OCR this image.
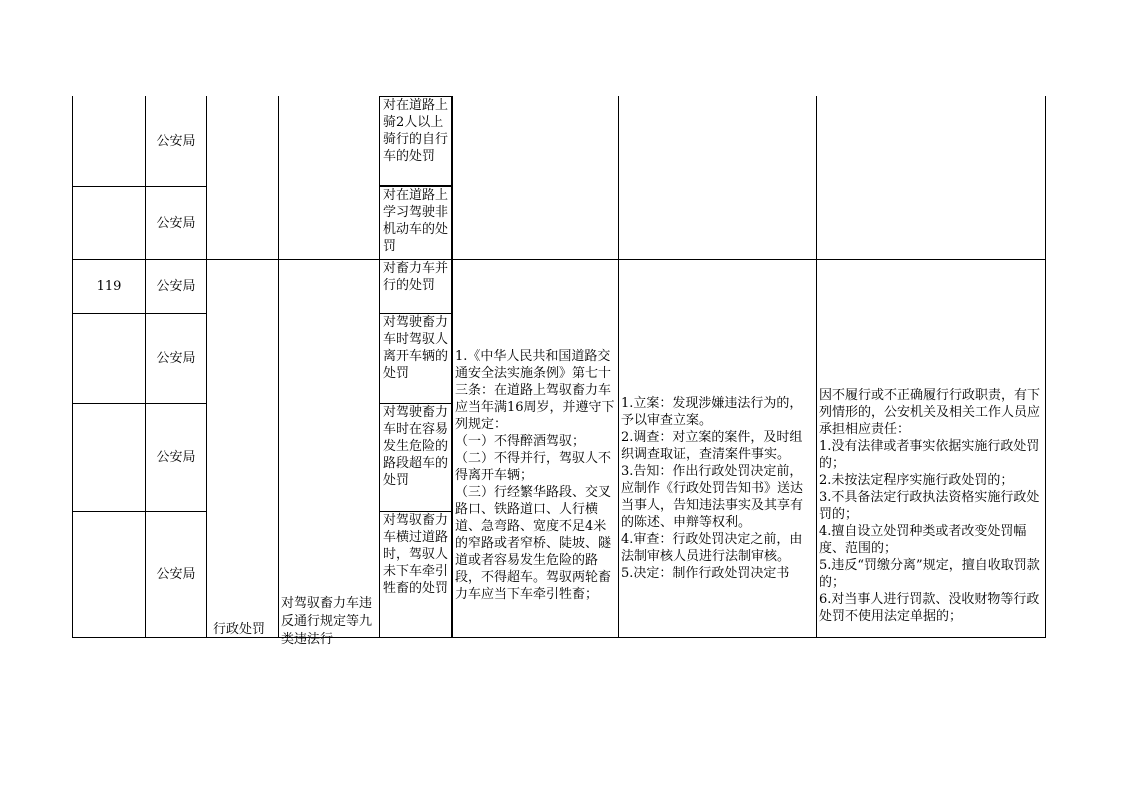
119
公安局
公安局
公安局
公安局
公安局
公安局
行政处罚
对驾驭畜力车违反通行规定等九类违法行
对在道路上骑2人以上骑行的自行车的处罚
对在道路上学习驾驶非机动车的处罚
对畜力车并行的处罚
对驾驶畜力车时驾驭人离开车辆的处罚
对驾驶畜力车时在容易发生危险的路段超车的处罚
对驾驭畜力车横过道路时，驾驭人未下车牵引牲畜的处罚
1.《中华人民共和国道路交通安全法实施条例》第七十三条：在道路上驾驭畜力车应当年满16周岁，并遵守下列规定：
（一）不得醉酒驾驭；
（二）不得并行，驾驭人不得离开车辆；
（三）行经繁华路段、交叉路口、铁路道口、人行横道、急弯路、宽度不足4米的窄路或者窄桥、陡坡、隧道或者容易发生危险的路段，不得超车。驾驭两轮畜力车应当下车牵引牲畜；
1.立案：发现涉嫌违法行为的，予以审查立案。
2.调查：对立案的案件，及时组织调查取证，查清案件事实。
3.告知：作出行政处罚决定前，应制作《行政处罚告知书》送达当事人，告知违法事实及其享有的陈述、申辩等权利。
4.审查：行政处罚决定之前，由法制审核人员进行法制审核。
5.决定：制作行政处罚决定书
因不履行或不正确履行行政职责，有下列情形的，公安机关及相关工作人员应承担相应责任：
1.没有法律或者事实依据实施行政处罚的；
2.未按法定程序实施行政处罚的；
3.不具备法定行政执法资格实施行政处罚的；
4.擅自设立处罚种类或者改变处罚幅度、范围的；
5.违反“罚缴分离”规定，擅自收取罚款的；
6.对当事人进行罚款、没收财物等行政处罚不使用法定单据的；
